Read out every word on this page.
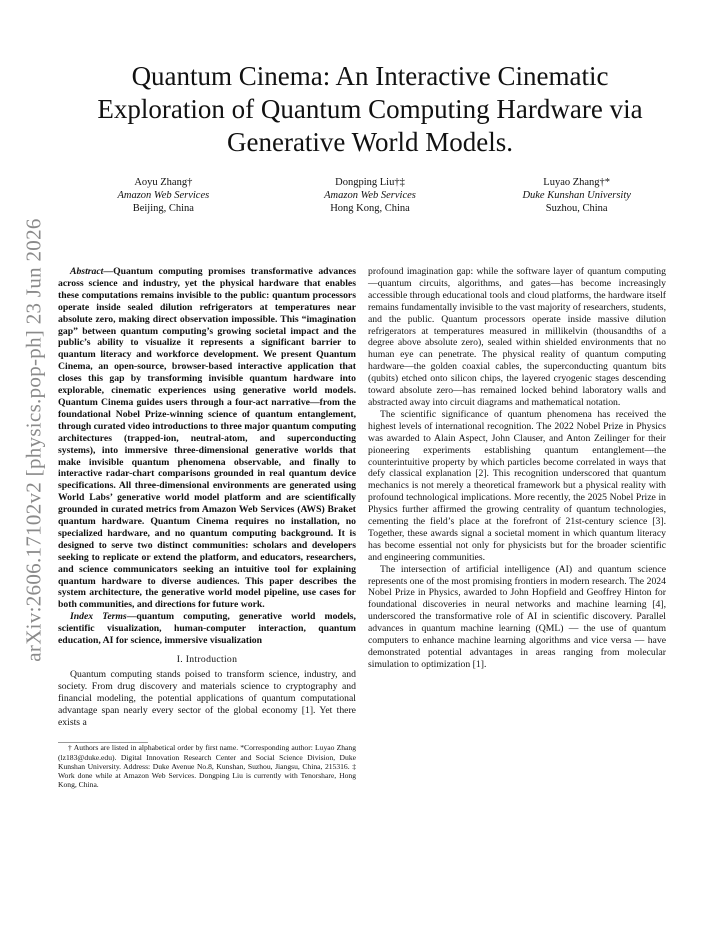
arXiv:2606.17102v2 [physics.pop-ph] 23 Jun 2026
Quantum Cinema: An Interactive Cinematic Exploration of Quantum Computing Hardware via Generative World Models.
Aoyu Zhang†
Amazon Web Services
Beijing, China
Dongping Liu†‡
Amazon Web Services
Hong Kong, China
Luyao Zhang†*
Duke Kunshan University
Suzhou, China

Abstract—Quantum computing promises transformative advances across science and industry, yet the physical hardware that enables these computations remains invisible to the public: quantum processors operate inside sealed dilution refrigerators at temperatures near absolute zero, making direct observation impossible. This “imagination gap” between quantum computing’s growing societal impact and the public’s ability to visualize it represents a significant barrier to quantum literacy and workforce development. We present Quantum Cinema, an open-source, browser-based interactive application that closes this gap by transforming invisible quantum hardware into explorable, cinematic experiences using generative world models. Quantum Cinema guides users through a four-act narrative—from the foundational Nobel Prize-winning science of quantum entanglement, through curated video introductions to three major quantum computing architectures (trapped-ion, neutral-atom, and superconducting systems), into immersive three-dimensional generative worlds that make invisible quantum phenomena observable, and finally to interactive radar-chart comparisons grounded in real quantum device specifications. All three-dimensional environments are generated using World Labs’ generative world model platform and are scientifically grounded in curated metrics from Amazon Web Services (AWS) Braket quantum hardware. Quantum Cinema requires no installation, no specialized hardware, and no quantum computing background. It is designed to serve two distinct communities: scholars and developers seeking to replicate or extend the platform, and educators, researchers, and science communicators seeking an intuitive tool for explaining quantum hardware to diverse audiences. This paper describes the system architecture, the generative world model pipeline, use cases for both communities, and directions for future work.

Index Terms—quantum computing, generative world models, scientific visualization, human-computer interaction, quantum education, AI for science, immersive visualization

I. Introduction

Quantum computing stands poised to transform science, industry, and society. From drug discovery and materials science to cryptography and financial modeling, the potential applications of quantum computational advantage span nearly every sector of the global economy [1]. Yet there exists a

† Authors are listed in alphabetical order by first name. *Corresponding author: Luyao Zhang (lz183@duke.edu). Digital Innovation Research Center and Social Science Division, Duke Kunshan University. Address: Duke Avenue No.8, Kunshan, Suzhou, Jiangsu, China, 215316. ‡ Work done while at Amazon Web Services. Dongping Liu is currently with Tenorshare, Hong Kong, China.

profound imagination gap: while the software layer of quantum computing—quantum circuits, algorithms, and gates—has become increasingly accessible through educational tools and cloud platforms, the hardware itself remains fundamentally invisible to the vast majority of researchers, students, and the public. Quantum processors operate inside massive dilution refrigerators at temperatures measured in millikelvin (thousandths of a degree above absolute zero), sealed within shielded environments that no human eye can penetrate. The physical reality of quantum computing hardware—the golden coaxial cables, the superconducting quantum bits (qubits) etched onto silicon chips, the layered cryogenic stages descending toward absolute zero—has remained locked behind laboratory walls and abstracted away into circuit diagrams and mathematical notation.

The scientific significance of quantum phenomena has received the highest levels of international recognition. The 2022 Nobel Prize in Physics was awarded to Alain Aspect, John Clauser, and Anton Zeilinger for their pioneering experiments establishing quantum entanglement—the counterintuitive property by which particles become correlated in ways that defy classical explanation [2]. This recognition underscored that quantum mechanics is not merely a theoretical framework but a physical reality with profound technological implications. More recently, the 2025 Nobel Prize in Physics further affirmed the growing centrality of quantum technologies, cementing the field’s place at the forefront of 21st-century science [3]. Together, these awards signal a societal moment in which quantum literacy has become essential not only for physicists but for the broader scientific and engineering communities.

The intersection of artificial intelligence (AI) and quantum science represents one of the most promising frontiers in modern research. The 2024 Nobel Prize in Physics, awarded to John Hopfield and Geoffrey Hinton for foundational discoveries in neural networks and machine learning [4], underscored the transformative role of AI in scientific discovery. Parallel advances in quantum machine learning (QML) — the use of quantum computers to enhance machine learning algorithms and vice versa — have demonstrated potential advantages in areas ranging from molecular simulation to optimization [1].
